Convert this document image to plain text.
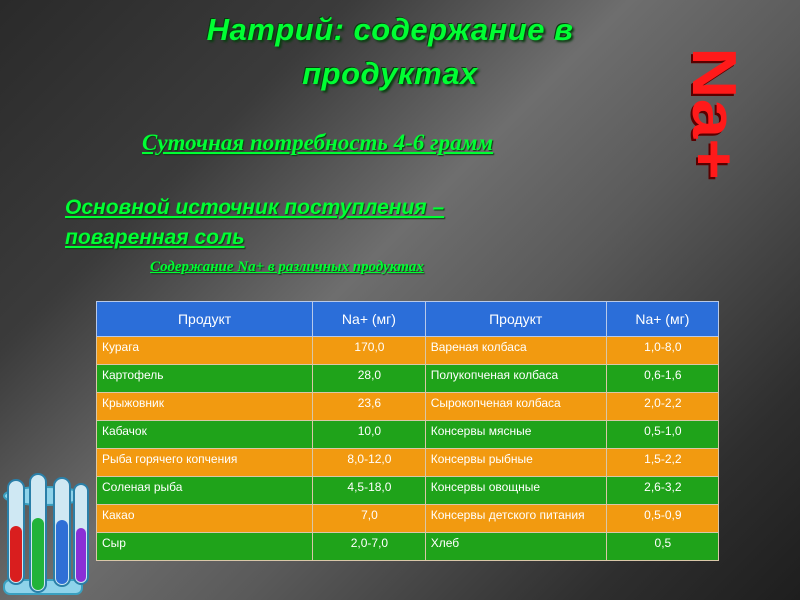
Натрий: содержание в
продуктах	Na+
Суточная потребность 4-6 грамм
Основной источник поступления –
поваренная соль
Содержание Na+ в различных продуктах
Продукт	Na+ (мг)	Продукт	Na+ (мг)
Курага	170,0	Вареная колбаса	1,0-8,0
Картофель	28,0	Полукопченая колбаса	0,6-1,6
Крыжовник	23,6	Сырокопченая колбаса	2,0-2,2
Кабачок	10,0	Консервы мясные	0,5-1,0
Рыба горячего копчения	8,0-12,0	Консервы рыбные	1,5-2,2
Соленая рыба	4,5-18,0	Консервы овощные	2,6-3,2
Какао	7,0	Консервы детского питания	0,5-0,9
Сыр	2,0-7,0	Хлеб	0,5
